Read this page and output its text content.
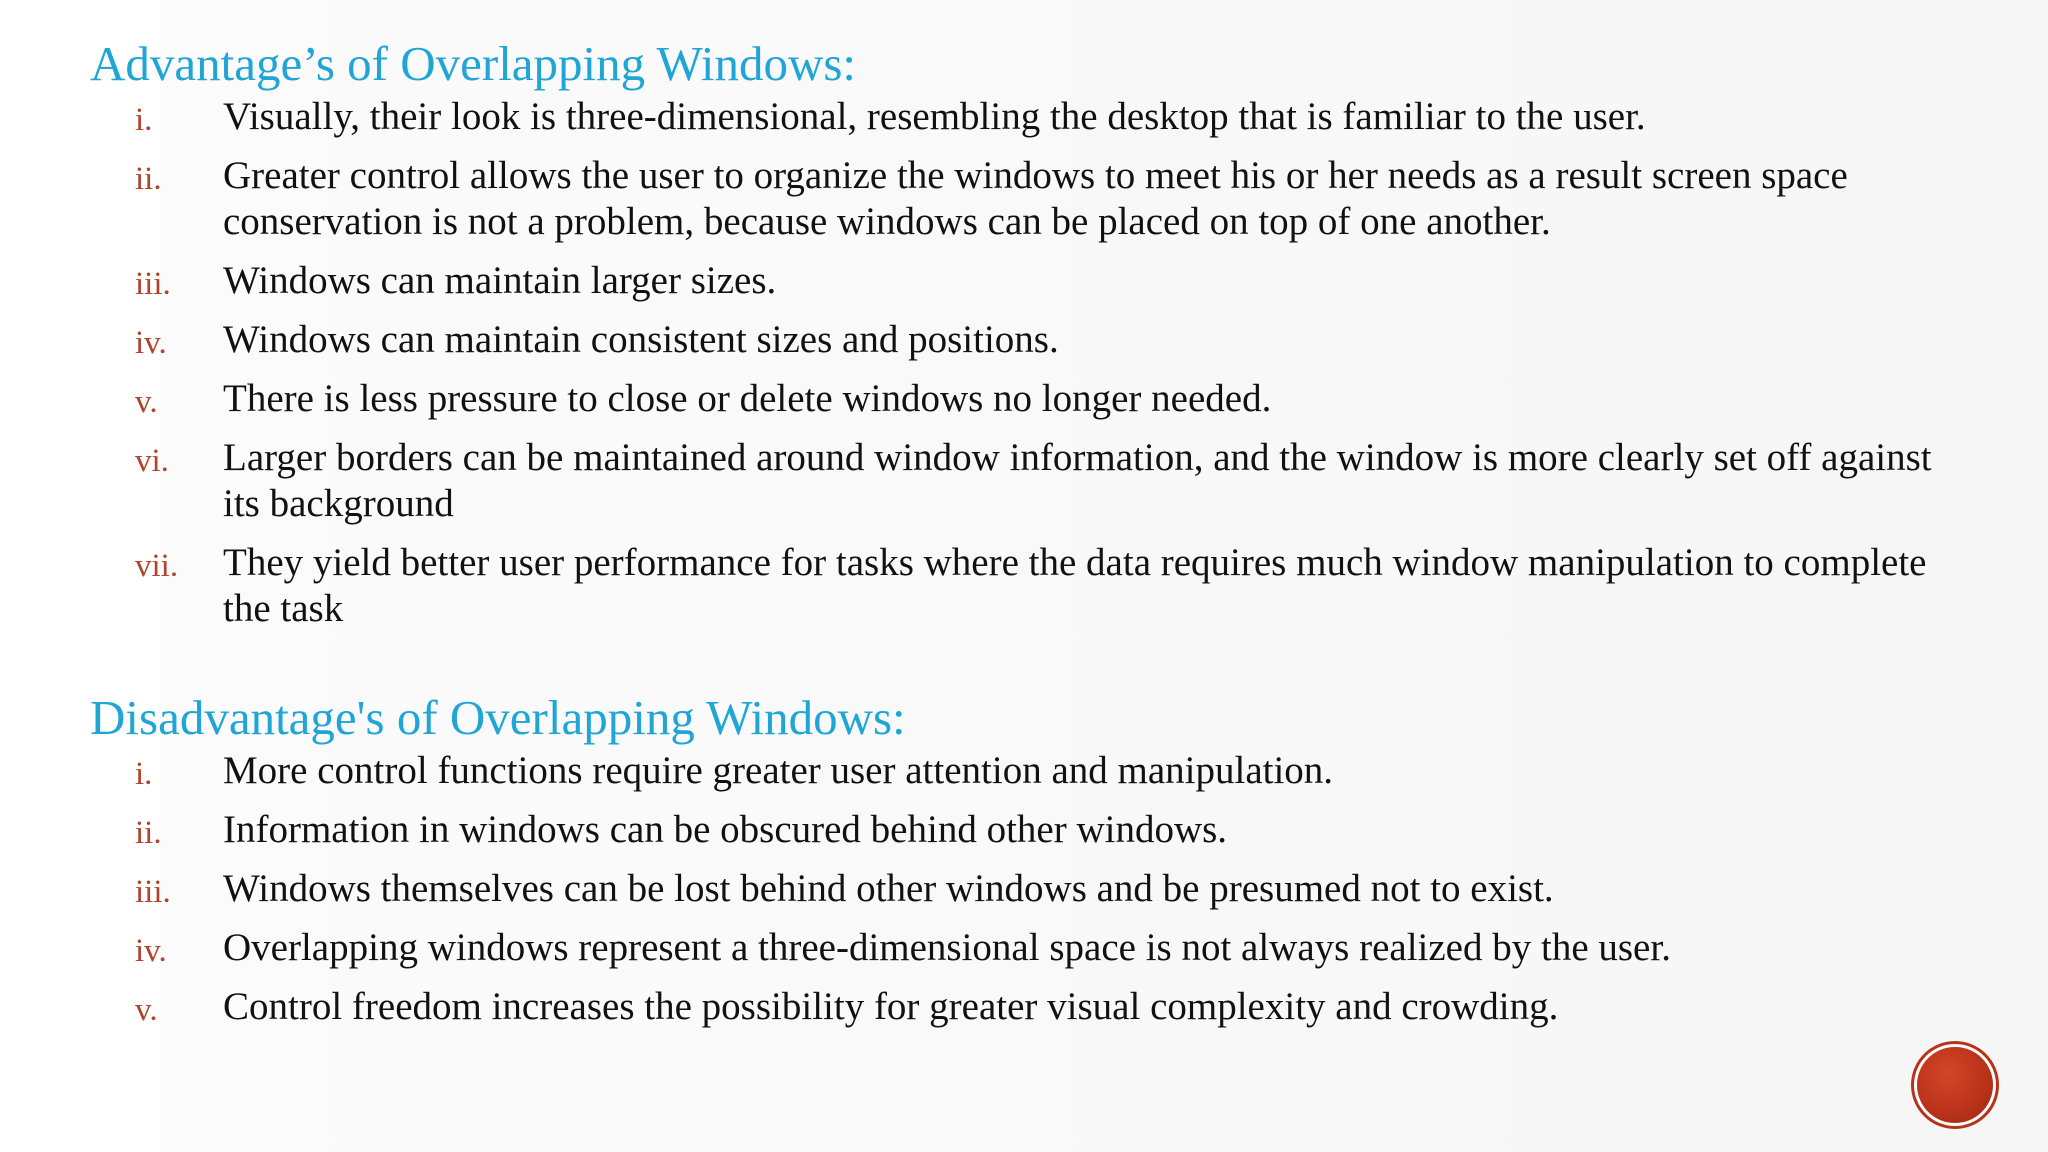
Advantage’s of Overlapping Windows:
i. Visually, their look is three-dimensional, resembling the desktop that is familiar to the user.
ii. Greater control allows the user to organize the windows to meet his or her needs as a result screen space conservation is not a problem, because windows can be placed on top of one another.
iii. Windows can maintain larger sizes.
iv. Windows can maintain consistent sizes and positions.
v. There is less pressure to close or delete windows no longer needed.
vi. Larger borders can be maintained around window information, and the window is more clearly set off against its background
vii. They yield better user performance for tasks where the data requires much window manipulation to complete the task
Disadvantage's of Overlapping Windows:
i. More control functions require greater user attention and manipulation.
ii. Information in windows can be obscured behind other windows.
iii. Windows themselves can be lost behind other windows and be presumed not to exist.
iv. Overlapping windows represent a three-dimensional space is not always realized by the user.
v. Control freedom increases the possibility for greater visual complexity and crowding.
